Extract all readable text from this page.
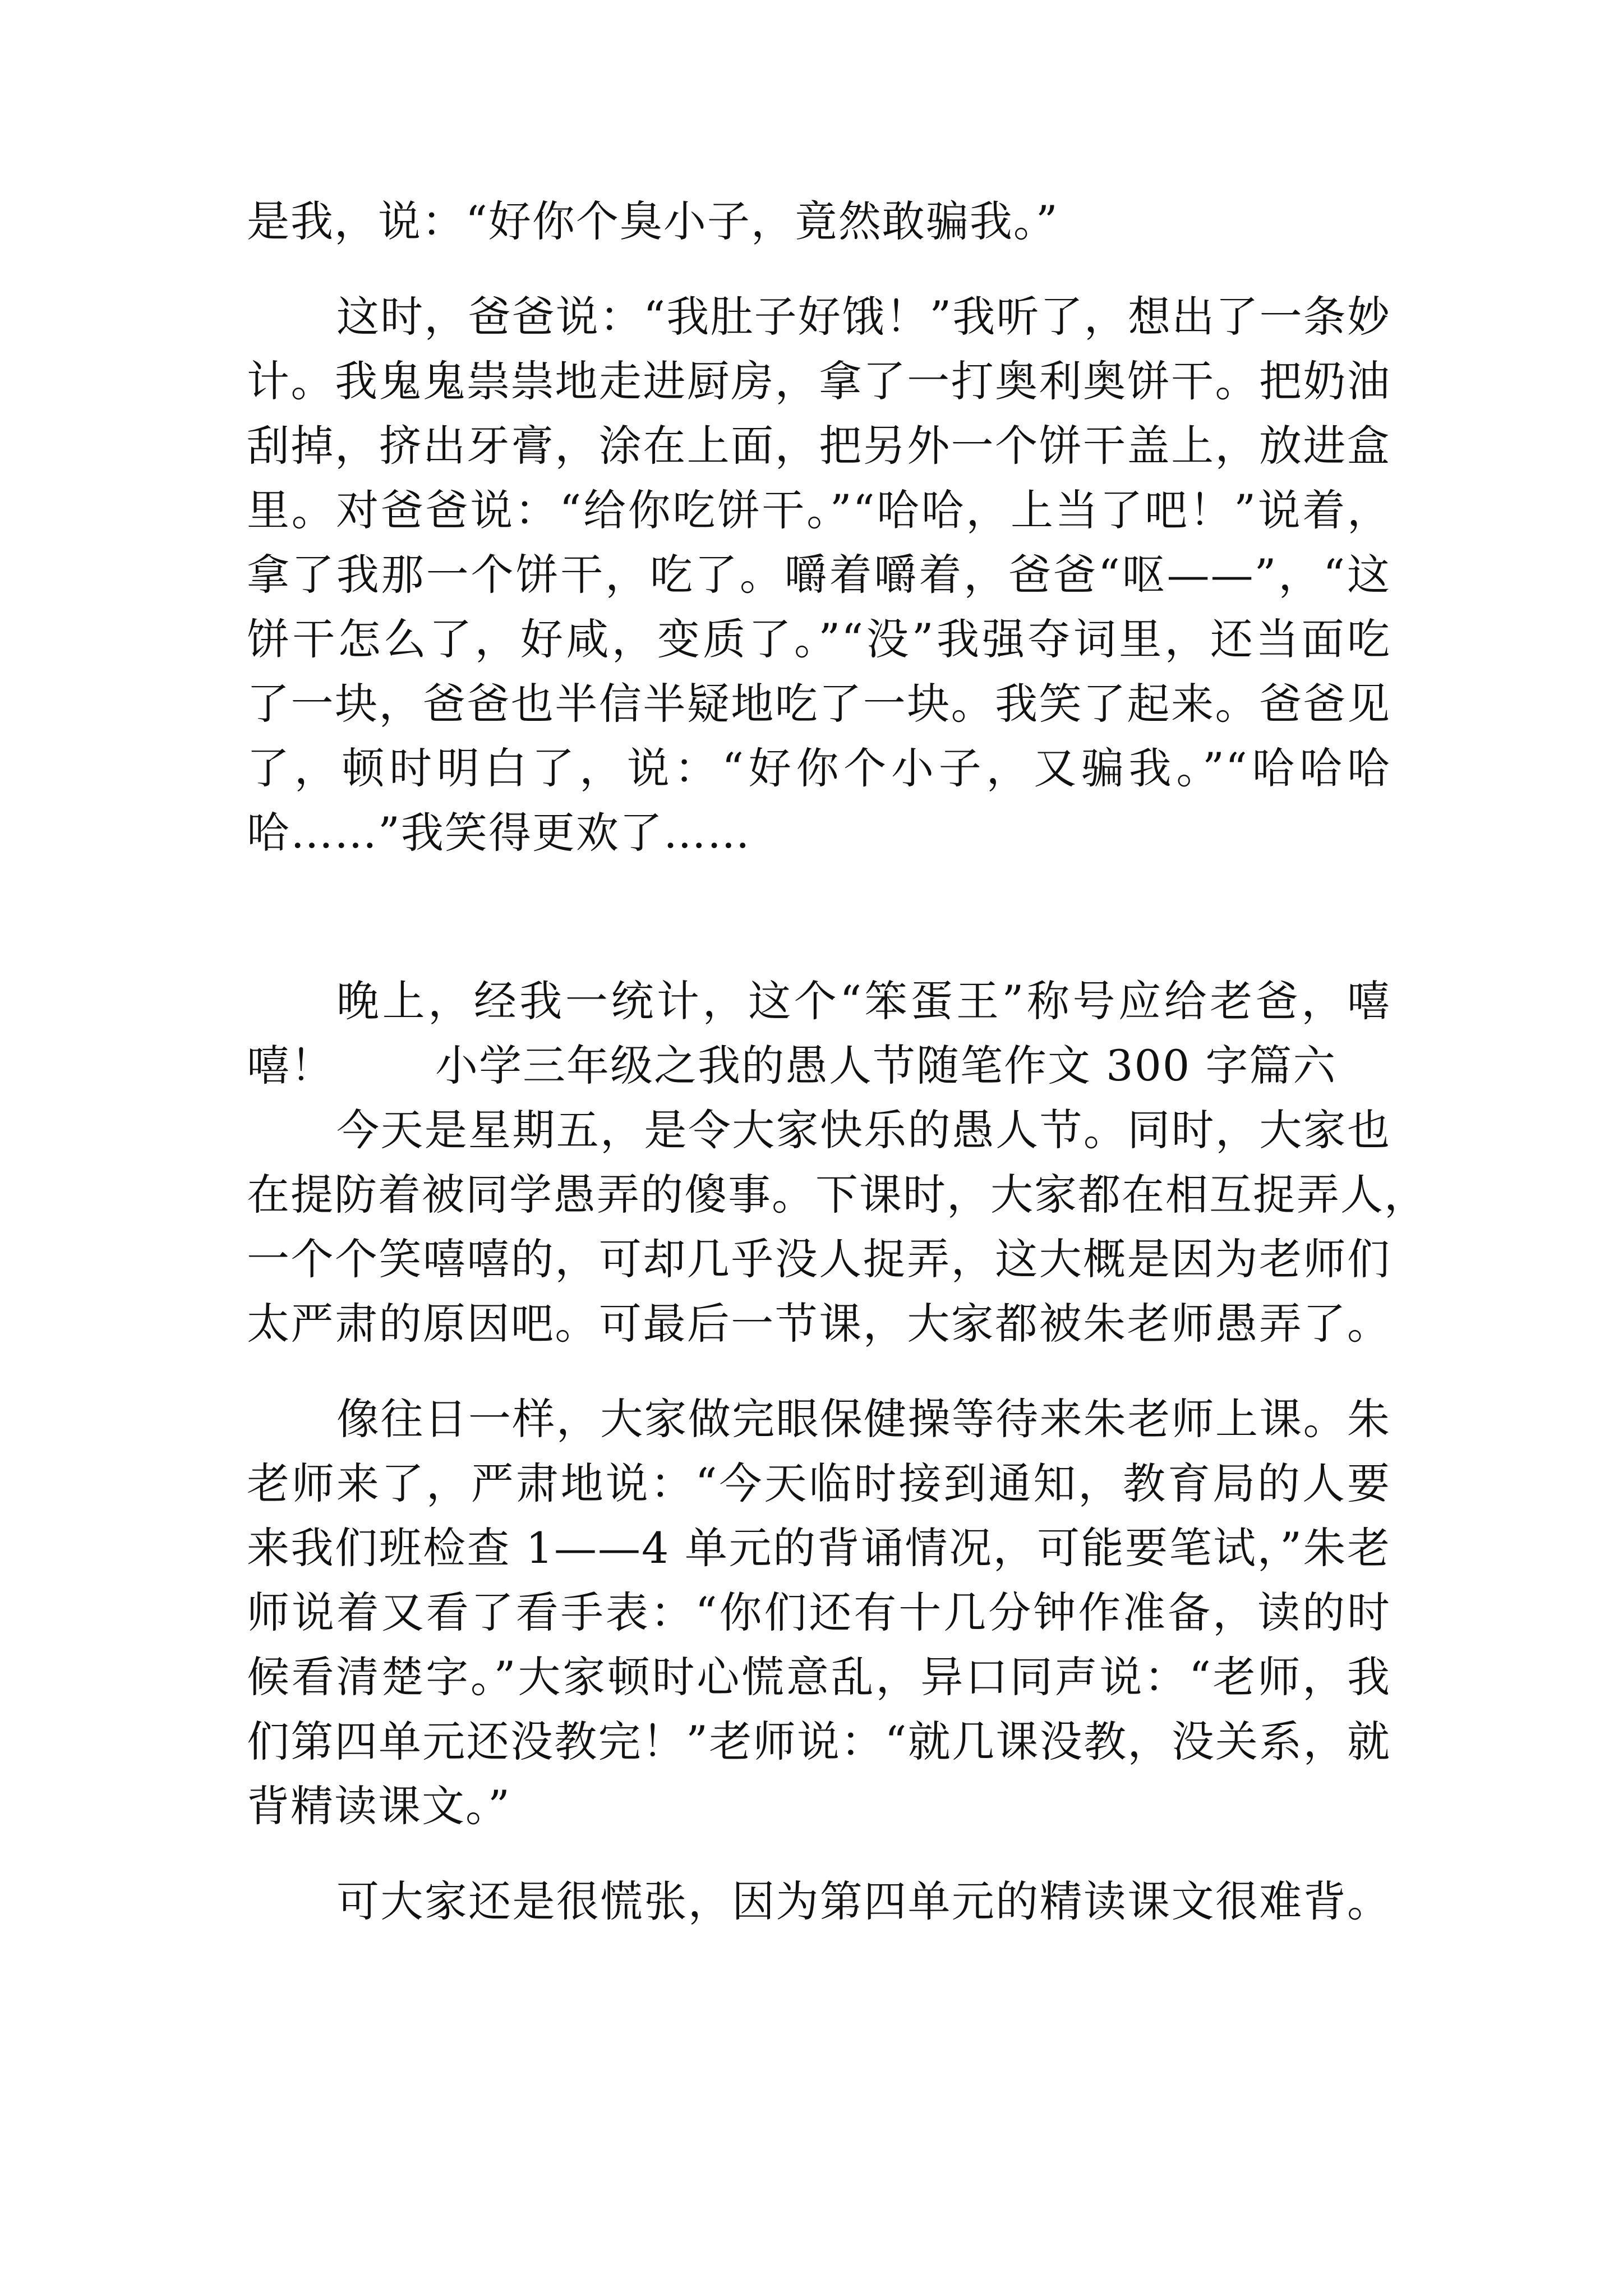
是我，说：“好你个臭小子，竟然敢骗我。”
这时，爸爸说：“我肚子好饿！”我听了，想出了一条妙
计。我鬼鬼祟祟地走进厨房，拿了一打奥利奥饼干。把奶油
刮掉，挤出牙膏，涂在上面，把另外一个饼干盖上，放进盒
里。对爸爸说：“给你吃饼干。”“哈哈，上当了吧！”说着，
拿了我那一个饼干，吃了。嚼着嚼着，爸爸“呕——”，“这
饼干怎么了，好咸，变质了。”“没”我强夺词里，还当面吃
了一块，爸爸也半信半疑地吃了一块。我笑了起来。爸爸见
了，顿时明白了，说：“好你个小子，又骗我。”“哈哈哈
哈……”我笑得更欢了……
晚上，经我一统计，这个“笨蛋王”称号应给老爸，嘻
嘻！ 小学三年级之我的愚人节随笔作文 300 字篇六
今天是星期五，是令大家快乐的愚人节。同时，大家也
在提防着被同学愚弄的傻事。下课时，大家都在相互捉弄人，
一个个笑嘻嘻的，可却几乎没人捉弄，这大概是因为老师们
太严肃的原因吧。可最后一节课，大家都被朱老师愚弄了。
像往日一样，大家做完眼保健操等待来朱老师上课。朱
老师来了，严肃地说：“今天临时接到通知，教育局的人要
来我们班检查 1——4 单元的背诵情况，可能要笔试，”朱老
师说着又看了看手表：“你们还有十几分钟作准备，读的时
候看清楚字。”大家顿时心慌意乱，异口同声说：“老师，我
们第四单元还没教完！”老师说：“就几课没教，没关系，就
背精读课文。”
可大家还是很慌张，因为第四单元的精读课文很难背。
